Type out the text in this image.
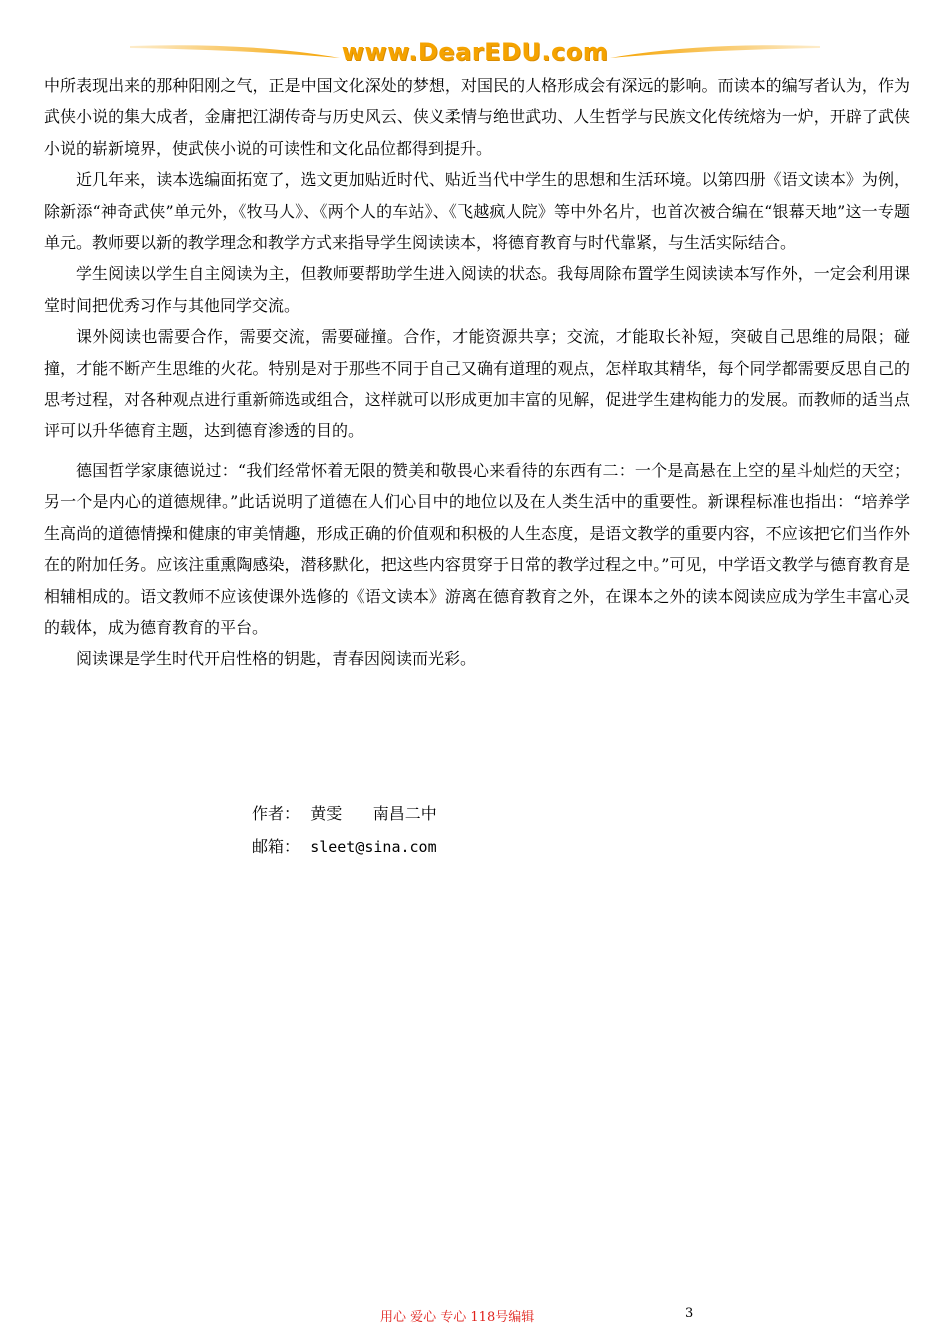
www.DearEDU.com

中所表现出来的那种阳刚之气，正是中国文化深处的梦想，对国民的人格形成会有深远的影响。而读本的编写者认为，作为武侠小说的集大成者，金庸把江湖传奇与历史风云、侠义柔情与绝世武功、人生哲学与民族文化传统熔为一炉，开辟了武侠小说的崭新境界，使武侠小说的可读性和文化品位都得到提升。

近几年来，读本选编面拓宽了，选文更加贴近时代、贴近当代中学生的思想和生活环境。以第四册《语文读本》为例，除新添“神奇武侠”单元外，《牧马人》、《两个人的车站》、《飞越疯人院》等中外名片，也首次被合编在“银幕天地”这一专题单元。教师要以新的教学理念和教学方式来指导学生阅读读本，将德育教育与时代靠紧，与生活实际结合。

学生阅读以学生自主阅读为主，但教师要帮助学生进入阅读的状态。我每周除布置学生阅读读本写作外，一定会利用课堂时间把优秀习作与其他同学交流。

课外阅读也需要合作，需要交流，需要碰撞。合作，才能资源共享；交流，才能取长补短，突破自己思维的局限；碰撞，才能不断产生思维的火花。特别是对于那些不同于自己又确有道理的观点，怎样取其精华，每个同学都需要反思自己的思考过程，对各种观点进行重新筛选或组合，这样就可以形成更加丰富的见解，促进学生建构能力的发展。而教师的适当点评可以升华德育主题，达到德育渗透的目的。

德国哲学家康德说过：“我们经常怀着无限的赞美和敬畏心来看待的东西有二：一个是高悬在上空的星斗灿烂的天空；另一个是内心的道德规律。”此话说明了道德在人们心目中的地位以及在人类生活中的重要性。新课程标准也指出：“培养学生高尚的道德情操和健康的审美情趣，形成正确的价值观和积极的人生态度，是语文教学的重要内容，不应该把它们当作外在的附加任务。应该注重熏陶感染，潜移默化，把这些内容贯穿于日常的教学过程之中。”可见，中学语文教学与德育教育是相辅相成的。语文教师不应该使课外选修的《语文读本》游离在德育教育之外，在课本之外的读本阅读应成为学生丰富心灵的载体，成为德育教育的平台。

阅读课是学生时代开启性格的钥匙，青春因阅读而光彩。

作者： 黄雯 南昌二中
邮箱： sleet@sina.com
用心 爱心 专心 118号编辑	3
